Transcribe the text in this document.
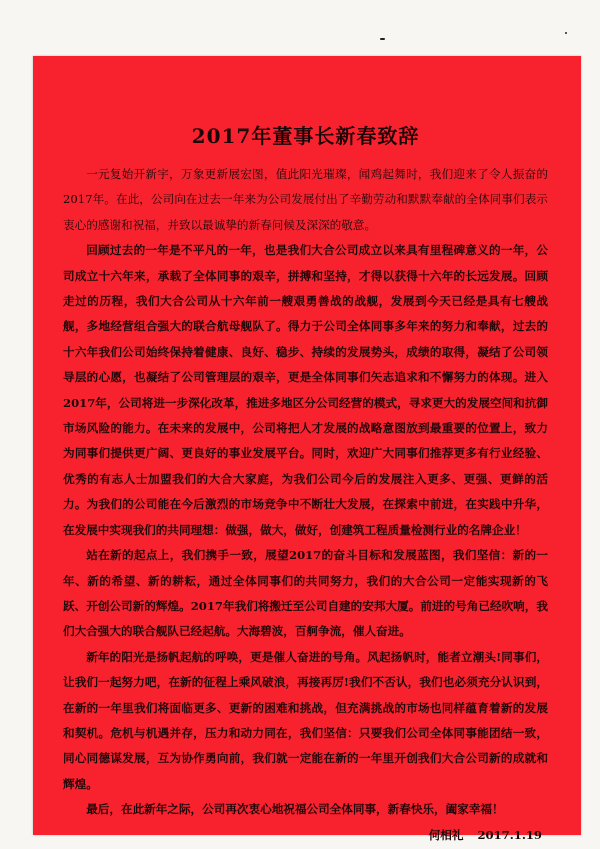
2017年董事长新春致辞

一元复始开新宇，万象更新展宏图，值此阳光璀璨，闻鸡起舞时，我们迎来了令人振奋的2017年。在此，公司向在过去一年来为公司发展付出了辛勤劳动和默默奉献的全体同事们表示衷心的感谢和祝福，并致以最诚挚的新春问候及深深的敬意。

回顾过去的一年是不平凡的一年，也是我们大合公司成立以来具有里程碑意义的一年，公司成立十六年来，承载了全体同事的艰辛，拼搏和坚持，才得以获得十六年的长远发展。回顾走过的历程，我们大合公司从十六年前一艘艰勇善战的战舰，发展到今天已经是具有七艘战舰，多地经营组合强大的联合航母舰队了。得力于公司全体同事多年来的努力和奉献，过去的十六年我们公司始终保持着健康、良好、稳步、持续的发展势头，成绩的取得，凝结了公司领导层的心愿，也凝结了公司管理层的艰辛，更是全体同事们矢志追求和不懈努力的体现。进入2017年，公司将进一步深化改革，推进多地区分公司经营的模式，寻求更大的发展空间和抗御市场风险的能力。在未来的发展中，公司将把人才发展的战略意图放到最重要的位置上，致力为同事们提供更广阔、更良好的事业发展平台。同时，欢迎广大同事们推荐更多有行业经验、优秀的有志人士加盟我们的大合大家庭，为我们公司今后的发展注入更多、更强、更鲜的活力。为我们的公司能在今后激烈的市场竞争中不断壮大发展，在探索中前进，在实践中升华，在发展中实现我们的共同理想：做强，做大，做好，创建筑工程质量检测行业的名牌企业！

站在新的起点上，我们携手一致，展望2017的奋斗目标和发展蓝图，我们坚信：新的一年、新的希望、新的耕耘，通过全体同事们的共同努力，我们的大合公司一定能实现新的飞跃、开创公司新的辉煌。2017年我们将搬迁至公司自建的安邦大厦。前进的号角已经吹响，我们大合强大的联合舰队已经起航。大海碧波，百舸争流，催人奋进。

新年的阳光是扬帆起航的呼唤，更是催人奋进的号角。风起扬帆时，能者立潮头!同事们，让我们一起努力吧，在新的征程上乘风破浪，再接再厉!我们不否认，我们也必须充分认识到，在新的一年里我们将面临更多、更新的困难和挑战，但充满挑战的市场也同样蕴育着新的发展和契机。危机与机遇并存，压力和动力同在，我们坚信：只要我们公司全体同事能团结一致，同心同德谋发展，互为协作勇向前，我们就一定能在新的一年里开创我们大合公司新的成就和辉煌。

最后，在此新年之际，公司再次衷心地祝福公司全体同事，新春快乐，阖家幸福！

何相礼 2017.1.19
